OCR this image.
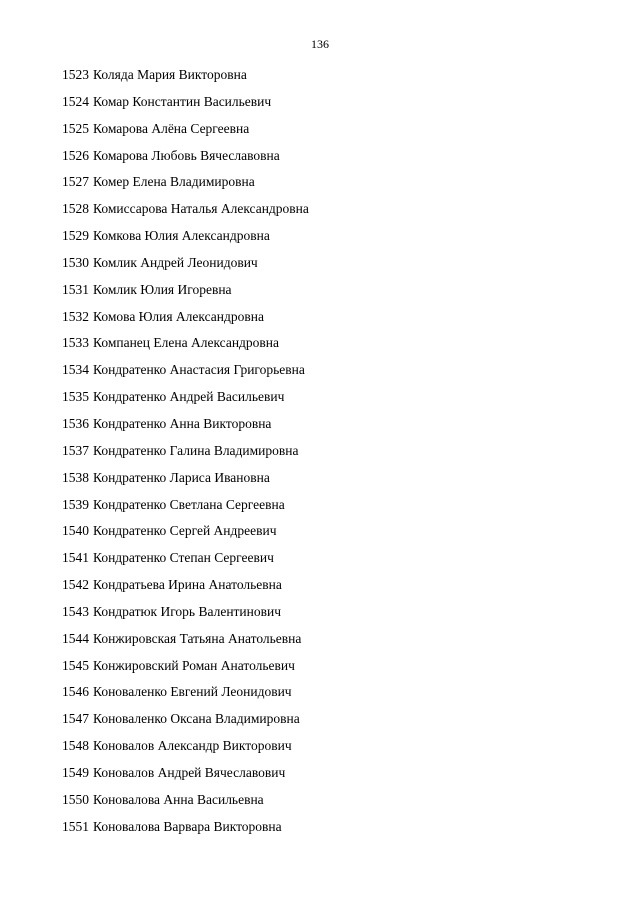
136
1523 Коляда Мария Викторовна
1524 Комар Константин Васильевич
1525 Комарова Алёна Сергеевна
1526 Комарова Любовь Вячеславовна
1527 Комер Елена Владимировна
1528 Комиссарова Наталья Александровна
1529 Комкова Юлия Александровна
1530 Комлик Андрей Леонидович
1531 Комлик Юлия Игоревна
1532 Комова Юлия Александровна
1533 Компанец Елена Александровна
1534 Кондратенко Анастасия Григорьевна
1535 Кондратенко Андрей Васильевич
1536 Кондратенко Анна Викторовна
1537 Кондратенко Галина Владимировна
1538 Кондратенко Лариса Ивановна
1539 Кондратенко Светлана Сергеевна
1540 Кондратенко Сергей Андреевич
1541 Кондратенко Степан Сергеевич
1542 Кондратьева Ирина Анатольевна
1543 Кондратюк Игорь Валентинович
1544 Конжировская Татьяна Анатольевна
1545 Конжировский Роман Анатольевич
1546 Коноваленко Евгений Леонидович
1547 Коноваленко Оксана Владимировна
1548 Коновалов Александр Викторович
1549 Коновалов Андрей Вячеславович
1550 Коновалова Анна Васильевна
1551 Коновалова Варвара Викторовна
